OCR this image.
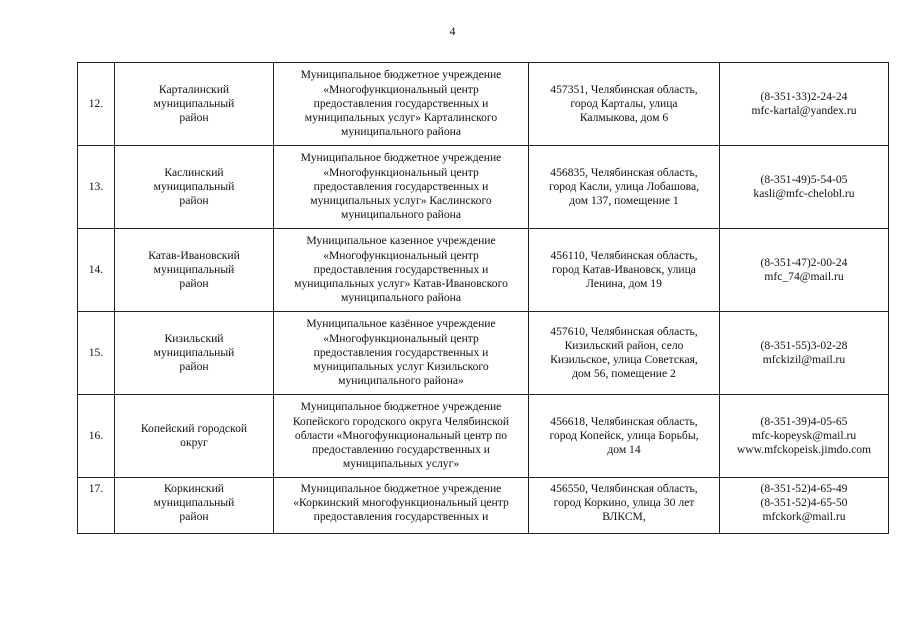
4
12.	Карталинский
муниципальный
район	Муниципальное бюджетное учреждение
«Многофункциональный центр
предоставления государственных и
муниципальных услуг» Карталинского
муниципального района	457351, Челябинская область,
город Карталы, улица
Калмыкова, дом 6	(8-351-33)2-24-24
mfc-kartal@yandex.ru
13.	Каслинский
муниципальный
район	Муниципальное бюджетное учреждение
«Многофункциональный центр
предоставления государственных и
муниципальных услуг» Каслинского
муниципального района	456835, Челябинская область,
город Касли, улица Лобашова,
дом 137, помещение 1	(8-351-49)5-54-05
kasli@mfc-chelobl.ru
14.	Катав-Ивановский
муниципальный
район	Муниципальное казенное учреждение
«Многофункциональный центр
предоставления государственных и
муниципальных услуг» Катав-Ивановского
муниципального района	456110, Челябинская область,
город Катав-Ивановск, улица
Ленина, дом 19	(8-351-47)2-00-24
mfc_74@mail.ru
15.	Кизильский
муниципальный
район	Муниципальное казённое учреждение
«Многофункциональный центр
предоставления государственных и
муниципальных услуг Кизильского
муниципального района»	457610, Челябинская область,
Кизильский район, село
Кизильское, улица Советская,
дом 56, помещение 2	(8-351-55)3-02-28
mfckizil@mail.ru
16.	Копейский городской
округ	Муниципальное бюджетное учреждение
Копейского городского округа Челябинской
области «Многофункциональный центр по
предоставлению государственных и
муниципальных услуг»	456618, Челябинская область,
город Копейск, улица Борьбы,
дом 14	(8-351-39)4-05-65
mfc-kopeysk@mail.ru
www.mfckopeisk.jimdo.com
17.	Коркинский
муниципальный
район	Муниципальное бюджетное учреждение
«Коркинский многофункциональный центр
предоставления государственных и	456550, Челябинская область,
город Коркино, улица 30 лет
ВЛКСМ,	(8-351-52)4-65-49
(8-351-52)4-65-50
mfckork@mail.ru
